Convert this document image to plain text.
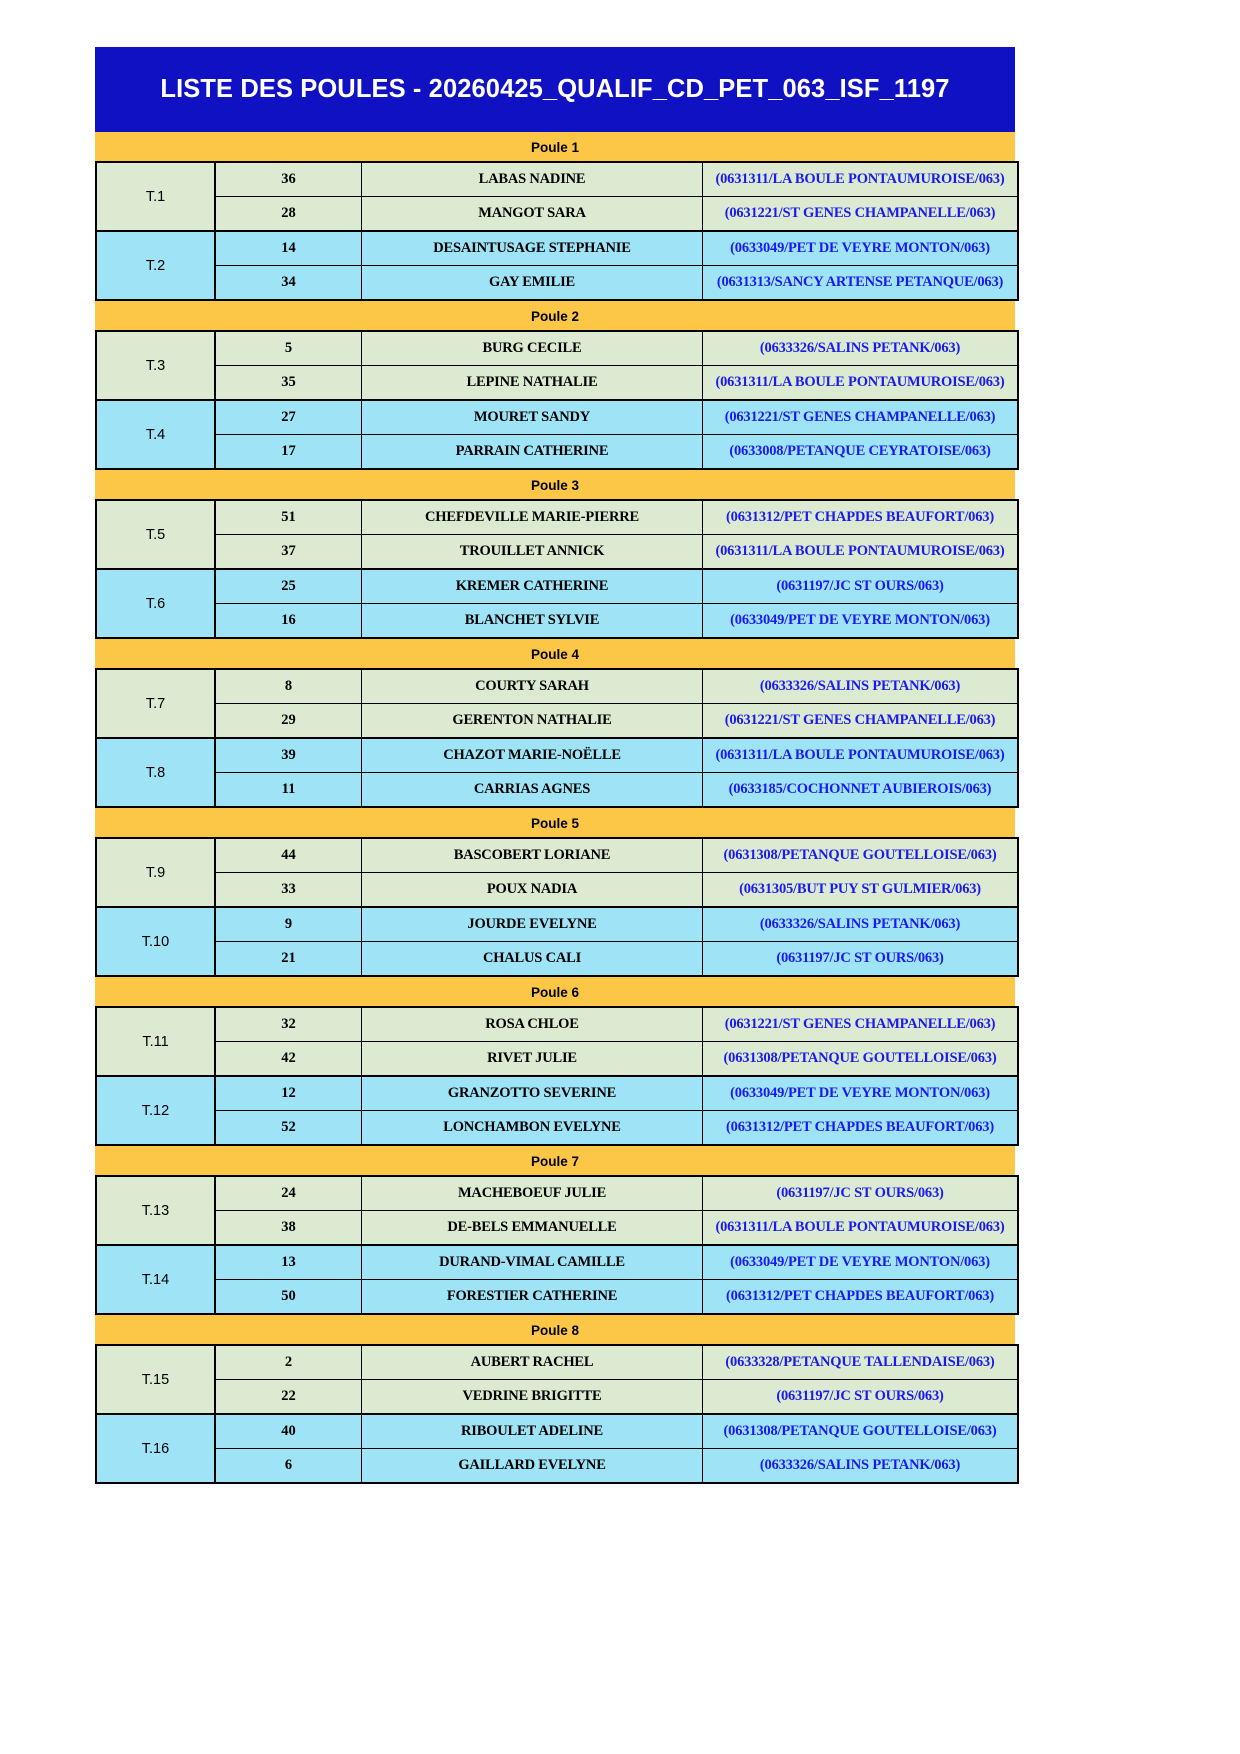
LISTE DES POULES - 20260425_QUALIF_CD_PET_063_ISF_1197
Poule 1
T.1	36	LABAS NADINE	(0631311/LA BOULE PONTAUMUROISE/063)
	28	MANGOT SARA	(0631221/ST GENES CHAMPANELLE/063)
T.2	14	DESAINTUSAGE STEPHANIE	(0633049/PET DE VEYRE MONTON/063)
	34	GAY EMILIE	(0631313/SANCY ARTENSE PETANQUE/063)
Poule 2
T.3	5	BURG CECILE	(0633326/SALINS PETANK/063)
	35	LEPINE NATHALIE	(0631311/LA BOULE PONTAUMUROISE/063)
T.4	27	MOURET SANDY	(0631221/ST GENES CHAMPANELLE/063)
	17	PARRAIN CATHERINE	(0633008/PETANQUE CEYRATOISE/063)
Poule 3
T.5	51	CHEFDEVILLE MARIE-PIERRE	(0631312/PET CHAPDES BEAUFORT/063)
	37	TROUILLET ANNICK	(0631311/LA BOULE PONTAUMUROISE/063)
T.6	25	KREMER CATHERINE	(0631197/JC ST OURS/063)
	16	BLANCHET SYLVIE	(0633049/PET DE VEYRE MONTON/063)
Poule 4
T.7	8	COURTY SARAH	(0633326/SALINS PETANK/063)
	29	GERENTON NATHALIE	(0631221/ST GENES CHAMPANELLE/063)
T.8	39	CHAZOT MARIE-NOËLLE	(0631311/LA BOULE PONTAUMUROISE/063)
	11	CARRIAS AGNES	(0633185/COCHONNET AUBIEROIS/063)
Poule 5
T.9	44	BASCOBERT LORIANE	(0631308/PETANQUE GOUTELLOISE/063)
	33	POUX NADIA	(0631305/BUT PUY ST GULMIER/063)
T.10	9	JOURDE EVELYNE	(0633326/SALINS PETANK/063)
	21	CHALUS CALI	(0631197/JC ST OURS/063)
Poule 6
T.11	32	ROSA CHLOE	(0631221/ST GENES CHAMPANELLE/063)
	42	RIVET JULIE	(0631308/PETANQUE GOUTELLOISE/063)
T.12	12	GRANZOTTO SEVERINE	(0633049/PET DE VEYRE MONTON/063)
	52	LONCHAMBON EVELYNE	(0631312/PET CHAPDES BEAUFORT/063)
Poule 7
T.13	24	MACHEBOEUF JULIE	(0631197/JC ST OURS/063)
	38	DE-BELS EMMANUELLE	(0631311/LA BOULE PONTAUMUROISE/063)
T.14	13	DURAND-VIMAL CAMILLE	(0633049/PET DE VEYRE MONTON/063)
	50	FORESTIER CATHERINE	(0631312/PET CHAPDES BEAUFORT/063)
Poule 8
T.15	2	AUBERT RACHEL	(0633328/PETANQUE TALLENDAISE/063)
	22	VEDRINE BRIGITTE	(0631197/JC ST OURS/063)
T.16	40	RIBOULET ADELINE	(0631308/PETANQUE GOUTELLOISE/063)
	6	GAILLARD EVELYNE	(0633326/SALINS PETANK/063)
